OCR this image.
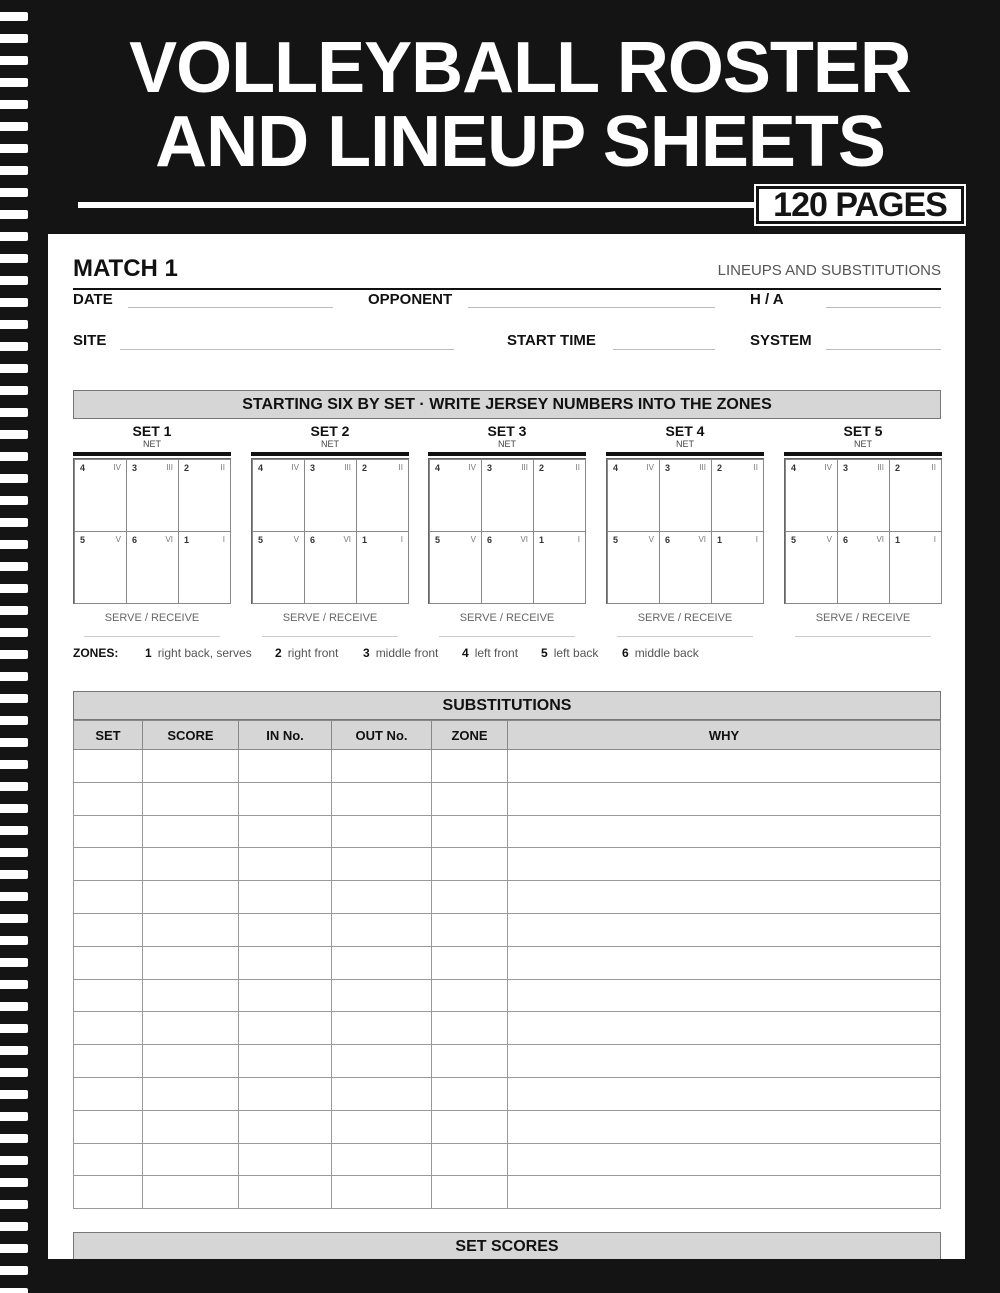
VOLLEYBALL ROSTER
AND LINEUP SHEETS
120 PAGES
MATCH 1	LINEUPS AND SUBSTITUTIONS
DATE	OPPONENT	H / A
SITE	START TIME	SYSTEM
STARTING SIX BY SET · WRITE JERSEY NUMBERS INTO THE ZONES
SET 1
NET
4	IV 3	III 2	II
5	V 6	VI 1	I
SERVE / RECEIVE
SET 2
NET
4	IV 3	III 2	II
5	V 6	VI 1	I
SERVE / RECEIVE
SET 3
NET
4	IV 3	III 2	II
5	V 6	VI 1	I
SERVE / RECEIVE
SET 4
NET
4	IV 3	III 2	II
5	V 6	VI 1	I
SERVE / RECEIVE
SET 5
NET
4	IV 3	III 2	II
5	V 6	VI 1	I
SERVE / RECEIVE
ZONES: 1 right back, serves 2 right front 3 middle front 4 left front 5 left back 6 middle back
SUBSTITUTIONS
SET	SCORE	IN No.	OUT No.	ZONE	WHY

SET SCORES
